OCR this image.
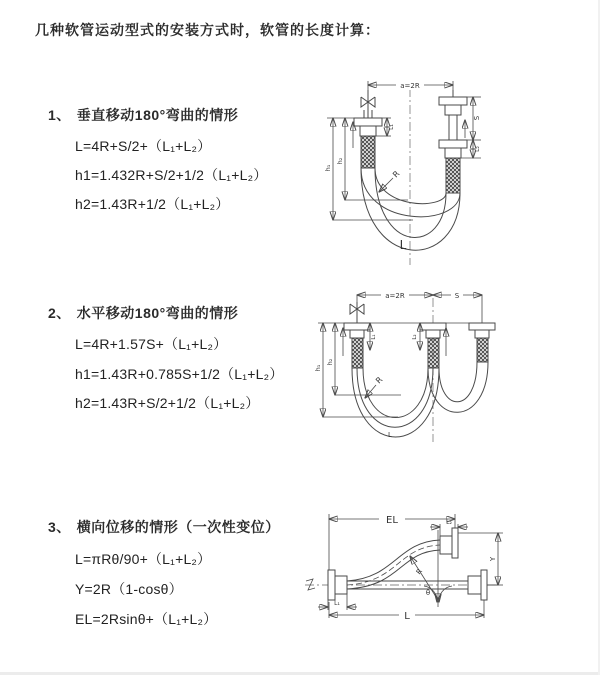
几种软管运动型式的安装方式时，软管的长度计算：
1、 垂直移动180°弯曲的情形
L=4R+S/2+（L₁+L₂）
h1=1.432R+S/2+1/2（L₁+L₂）
h2=1.43R+1/2（L₁+L₂）
2、 水平移动180°弯曲的情形
L=4R+1.57S+（L₁+L₂）
h1=1.43R+0.785S+1/2（L₁+L₂）
h2=1.43R+S/2+1/2（L₁+L₂）
3、 横向位移的情形（一次性变位）
L=πRθ/90+（L₁+L₂）
Y=2R（1-cosθ）
EL=2Rsinθ+（L₁+L₂）
a=2R
L₁
h₁
h₂
S
L₂
R
L
a=2R	S
L₁	L₂
h₁
h₂
R
L
EL	L₂
Y
R
θ
L₁
L
